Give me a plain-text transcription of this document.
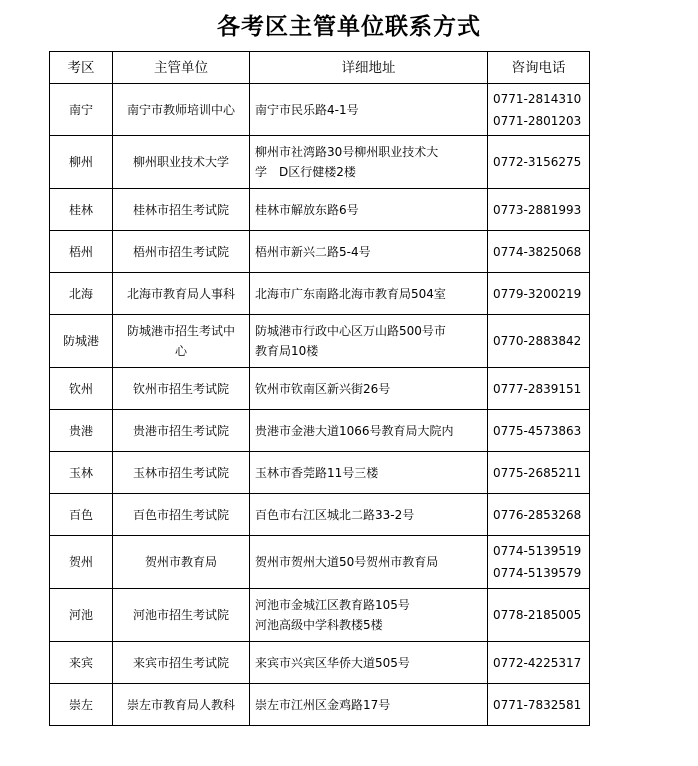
各考区主管单位联系方式
考区	主管单位	详细地址	咨询电话
南宁	南宁市教师培训中心	南宁市民乐路4-1号	0771-2814310
0771-2801203

柳州	柳州职业技术大学	柳州市社湾路30号柳州职业技术大
学　D区行健楼2楼	0772-3156275

桂林	桂林市招生考试院	桂林市解放东路6号	0773-2881993

梧州	梧州市招生考试院	梧州市新兴二路5-4号	0774-3825068

北海	北海市教育局人事科	北海市广东南路北海市教育局504室	0779-3200219

防城港	防城港市招生考试中
心	防城港市行政中心区万山路500号市
教育局10楼	0770-2883842

钦州	钦州市招生考试院	钦州市钦南区新兴街26号	0777-2839151

贵港	贵港市招生考试院	贵港市金港大道1066号教育局大院内	0775-4573863

玉林	玉林市招生考试院	玉林市香莞路11号三楼	0775-2685211

百色	百色市招生考试院	百色市右江区城北二路33-2号	0776-2853268

贺州	贺州市教育局	贺州市贺州大道50号贺州市教育局	0774-5139519
0774-5139579

河池	河池市招生考试院	河池市金城江区教育路105号
河池高级中学科教楼5楼	0778-2185005

来宾	来宾市招生考试院	来宾市兴宾区华侨大道505号	0772-4225317

崇左	崇左市教育局人教科	崇左市江州区金鸡路17号	0771-7832581
